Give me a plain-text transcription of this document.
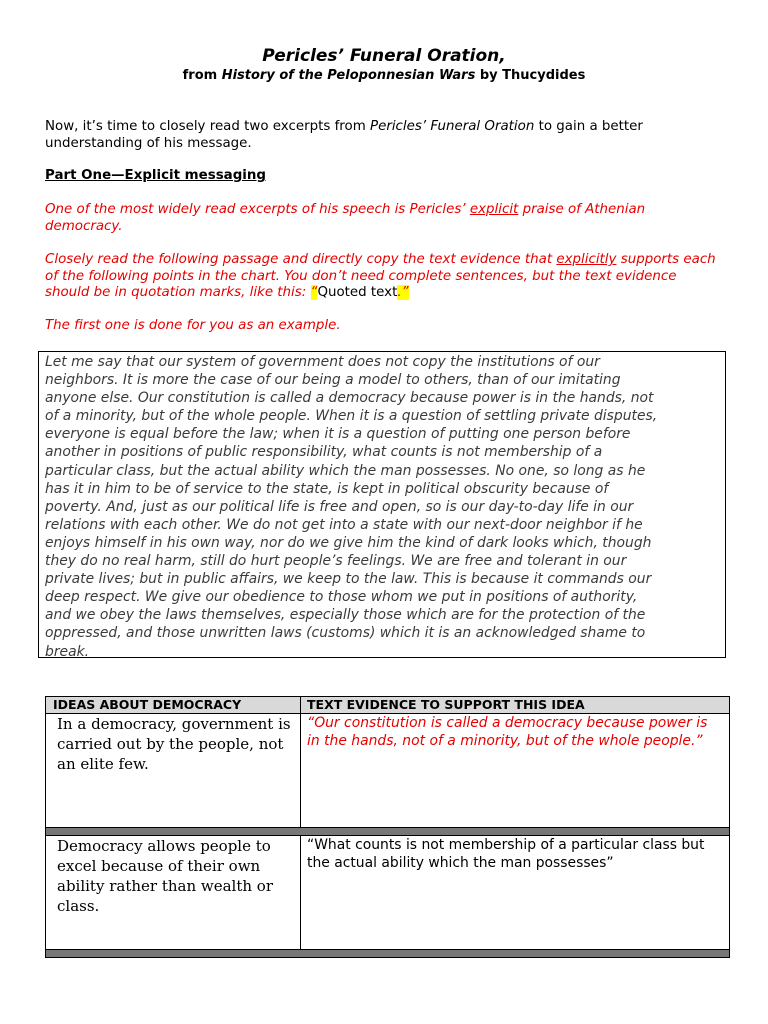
Pericles’ Funeral Oration,
from History of the Peloponnesian Wars by Thucydides
Now, it’s time to closely read two excerpts from Pericles’ Funeral Oration to gain a better understanding of his message.
Part One—Explicit messaging
One of the most widely read excerpts of his speech is Pericles’ explicit praise of Athenian democracy.
Closely read the following passage and directly copy the text evidence that explicitly supports each of the following points in the chart. You don’t need complete sentences, but the text evidence should be in quotation marks, like this: “Quoted text.”
The first one is done for you as an example.
Let me say that our system of government does not copy the institutions of our
neighbors. It is more the case of our being a model to others, than of our imitating
anyone else. Our constitution is called a democracy because power is in the hands, not
of a minority, but of the whole people. When it is a question of settling private disputes,
everyone is equal before the law; when it is a question of putting one person before
another in positions of public responsibility, what counts is not membership of a
particular class, but the actual ability which the man possesses. No one, so long as he
has it in him to be of service to the state, is kept in political obscurity because of
poverty. And, just as our political life is free and open, so is our day-to-day life in our
relations with each other. We do not get into a state with our next-door neighbor if he
enjoys himself in his own way, nor do we give him the kind of dark looks which, though
they do no real harm, still do hurt people’s feelings. We are free and tolerant in our
private lives; but in public affairs, we keep to the law. This is because it commands our
deep respect. We give our obedience to those whom we put in positions of authority,
and we obey the laws themselves, especially those which are for the protection of the
oppressed, and those unwritten laws (customs) which it is an acknowledged shame to
break.
IDEAS ABOUT DEMOCRACY	TEXT EVIDENCE TO SUPPORT THIS IDEA
In a democracy, government is carried out by the people, not an elite few.
“Our constitution is called a democracy because power is in the hands, not of a minority, but of the whole people.”
Democracy allows people to excel because of their own ability rather than wealth or class.
“What counts is not membership of a particular class but the actual ability which the man possesses”
